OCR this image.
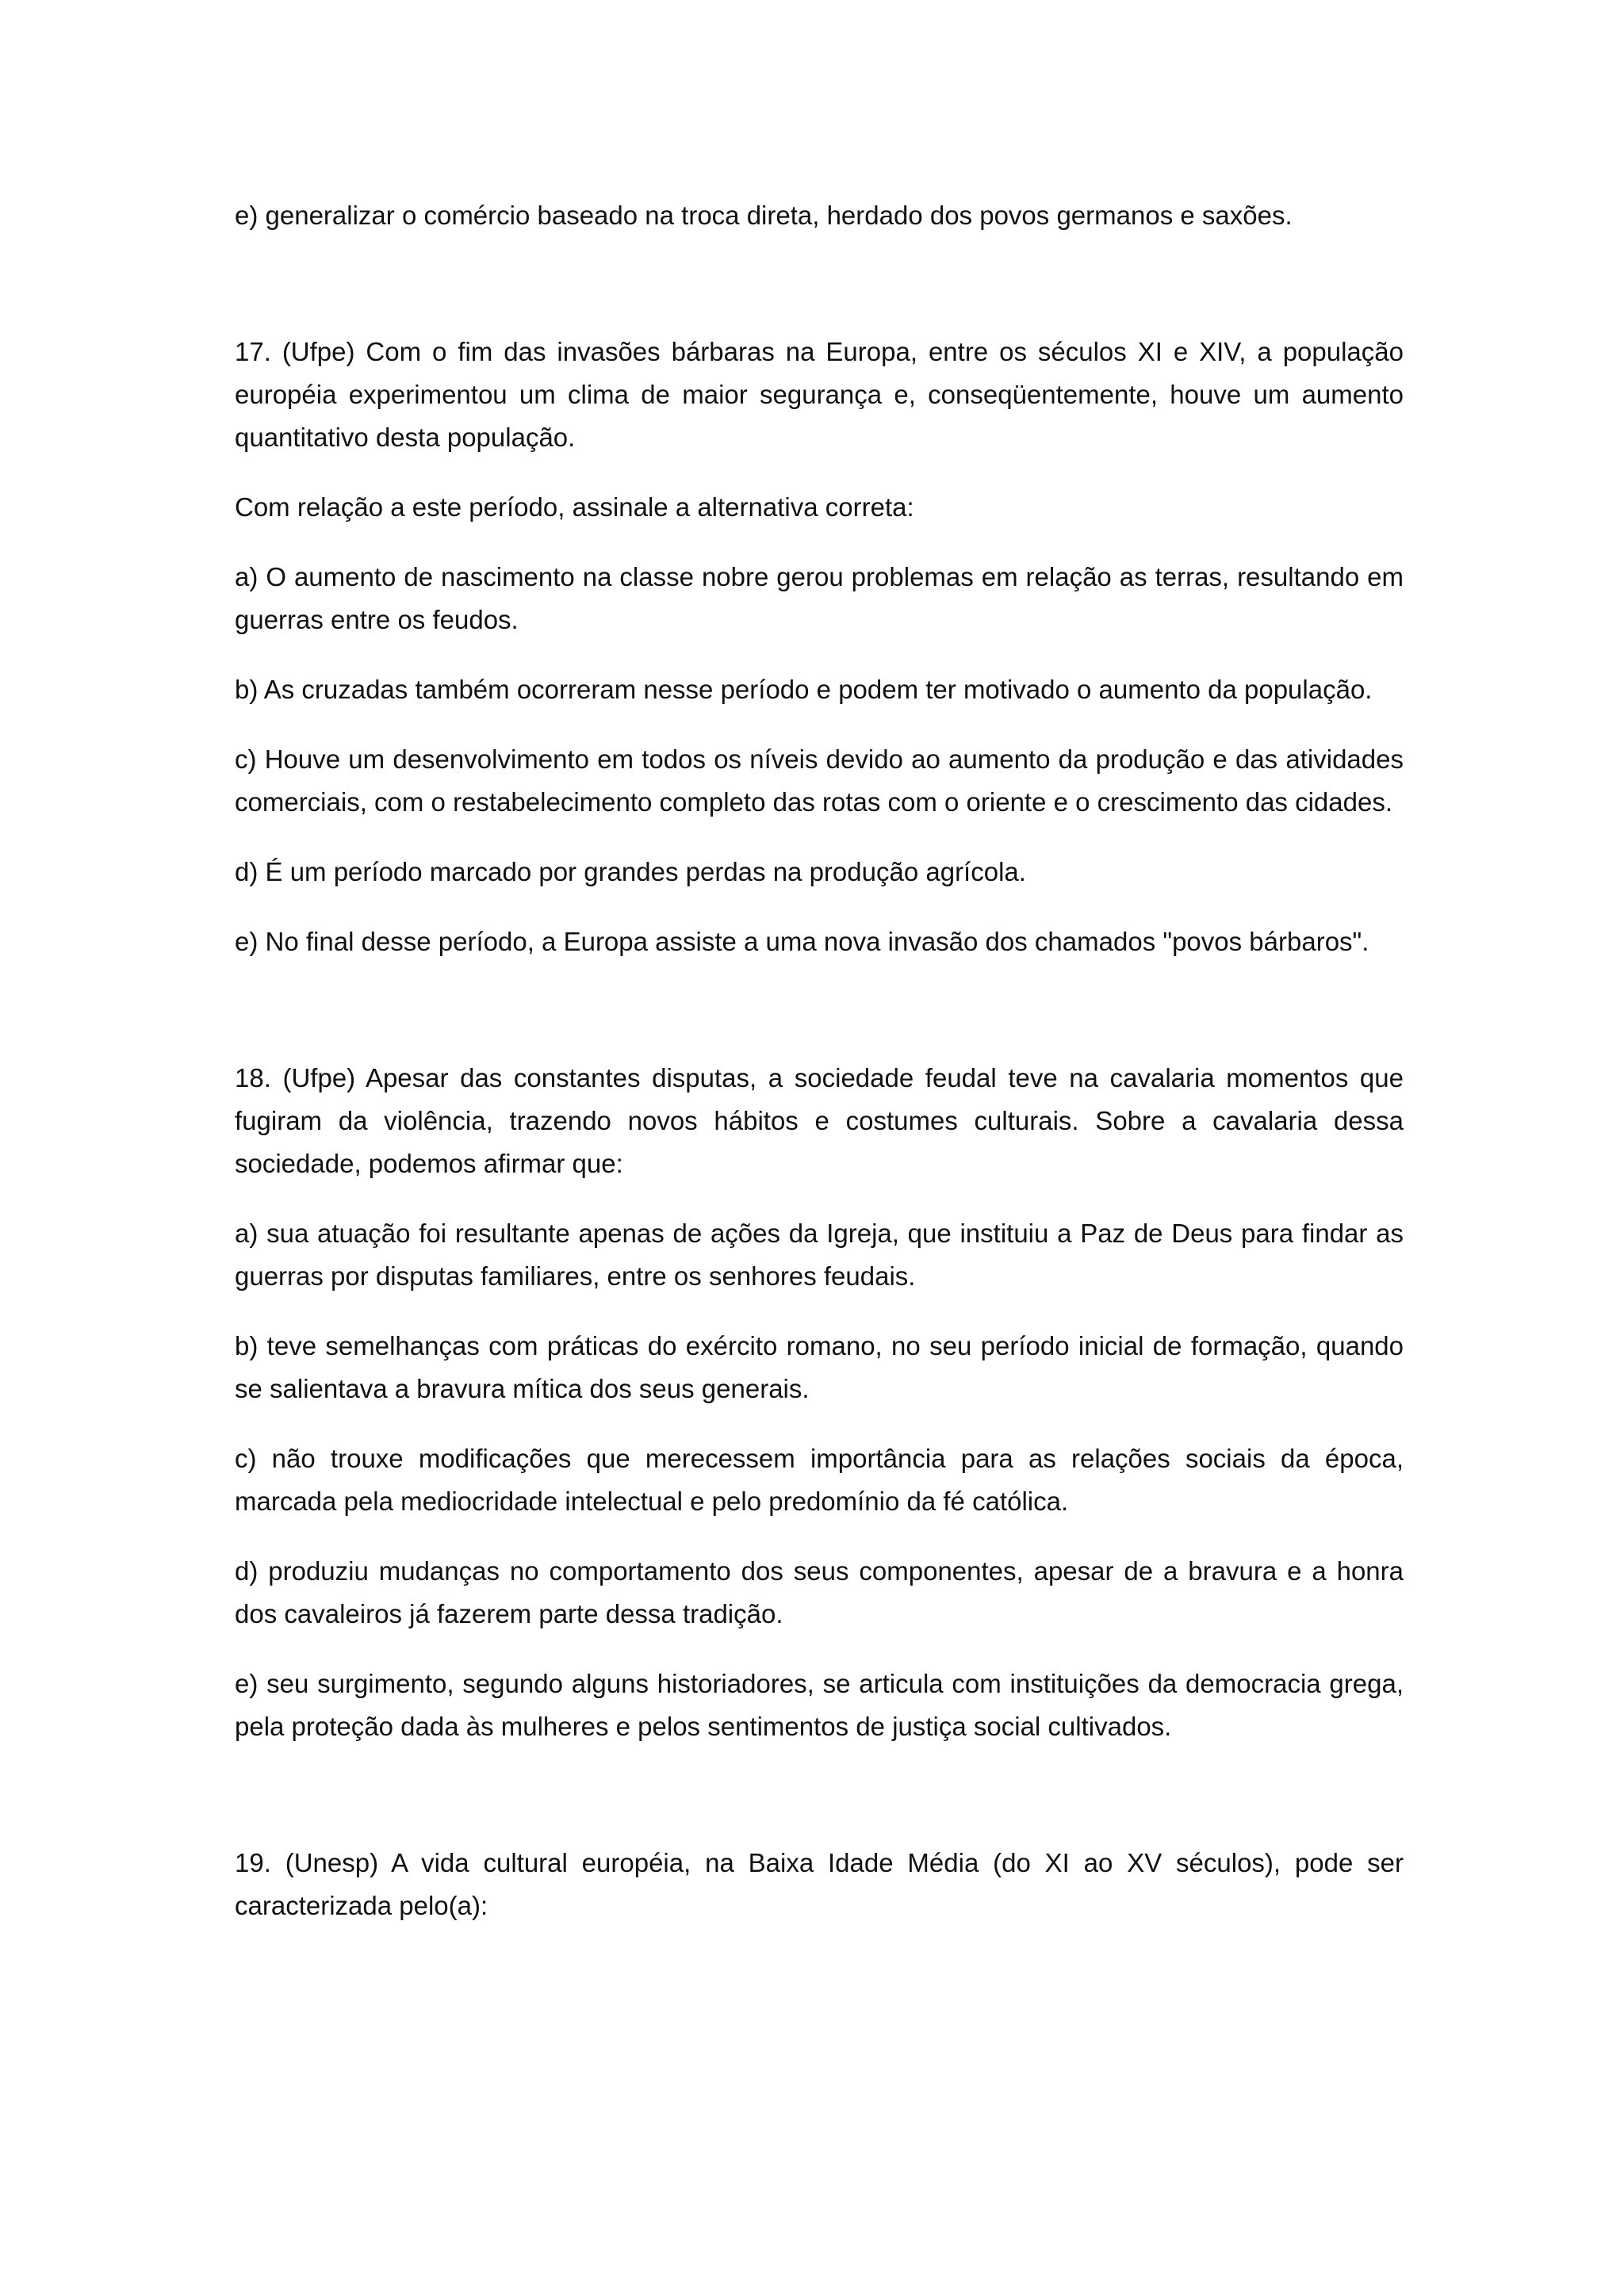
e) generalizar o comércio baseado na troca direta, herdado dos povos germanos e saxões.

17. (Ufpe) Com o fim das invasões bárbaras na Europa, entre os séculos XI e XIV, a população européia experimentou um clima de maior segurança e, conseqüentemente, houve um aumento quantitativo desta população.

Com relação a este período, assinale a alternativa correta:

a) O aumento de nascimento na classe nobre gerou problemas em relação as terras, resultando em guerras entre os feudos.

b) As cruzadas também ocorreram nesse período e podem ter motivado o aumento da população.

c) Houve um desenvolvimento em todos os níveis devido ao aumento da produção e das atividades comerciais, com o restabelecimento completo das rotas com o oriente e o crescimento das cidades.

d) É um período marcado por grandes perdas na produção agrícola.

e) No final desse período, a Europa assiste a uma nova invasão dos chamados "povos bárbaros".

18. (Ufpe) Apesar das constantes disputas, a sociedade feudal teve na cavalaria momentos que fugiram da violência, trazendo novos hábitos e costumes culturais. Sobre a cavalaria dessa sociedade, podemos afirmar que:

a) sua atuação foi resultante apenas de ações da Igreja, que instituiu a Paz de Deus para findar as guerras por disputas familiares, entre os senhores feudais.

b) teve semelhanças com práticas do exército romano, no seu período inicial de formação, quando se salientava a bravura mítica dos seus generais.

c) não trouxe modificações que merecessem importância para as relações sociais da época, marcada pela mediocridade intelectual e pelo predomínio da fé católica.

d) produziu mudanças no comportamento dos seus componentes, apesar de a bravura e a honra dos cavaleiros já fazerem parte dessa tradição.

e) seu surgimento, segundo alguns historiadores, se articula com instituições da democracia grega, pela proteção dada às mulheres e pelos sentimentos de justiça social cultivados.

19. (Unesp) A vida cultural européia, na Baixa Idade Média (do XI ao XV séculos), pode ser caracterizada pelo(a):
